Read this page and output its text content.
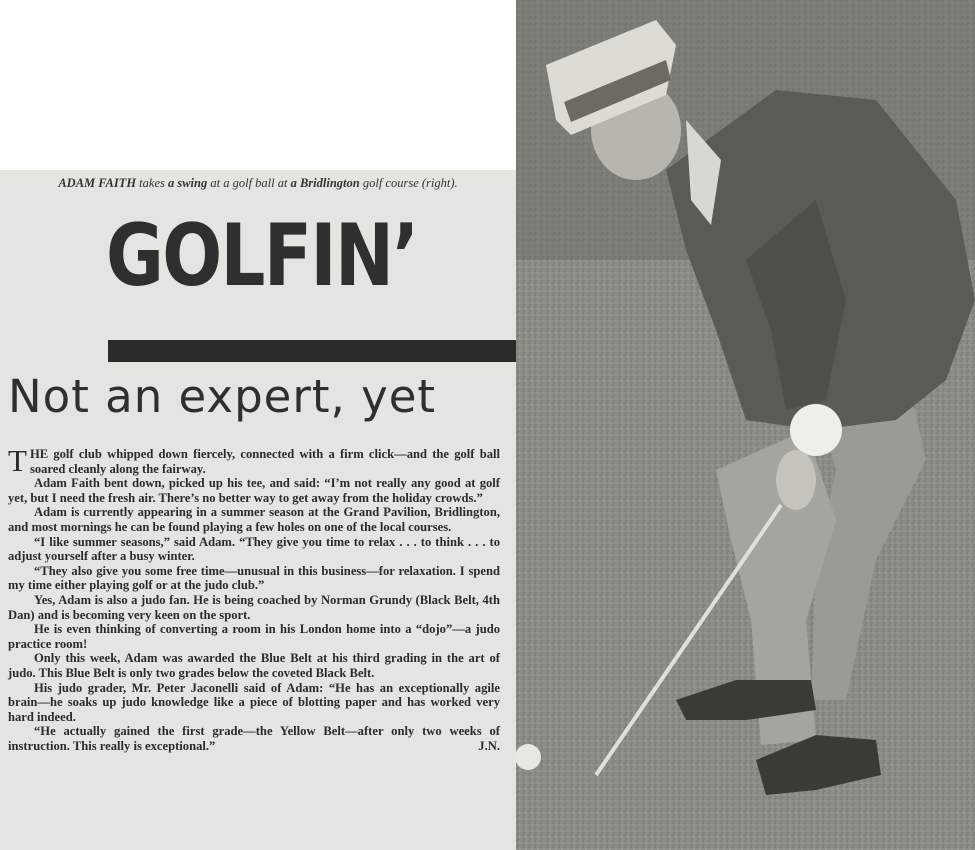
ADAM FAITH takes a swing at a golf ball at a Bridlington golf course (right).
GOLFIN’
Not an expert, yet

THE golf club whipped down fiercely, connected with a firm click—and the golf ball soared cleanly along the fairway.

Adam Faith bent down, picked up his tee, and said: “I’m not really any good at golf yet, but I need the fresh air. There’s no better way to get away from the holiday crowds.”

Adam is currently appearing in a summer season at the Grand Pavilion, Bridlington, and most mornings he can be found playing a few holes on one of the local courses.

“I like summer seasons,” said Adam. “They give you time to relax . . . to think . . . to adjust yourself after a busy winter.

“They also give you some free time—unusual in this business—for relaxation. I spend my time either playing golf or at the judo club.”

Yes, Adam is also a judo fan. He is being coached by Norman Grundy (Black Belt, 4th Dan) and is becoming very keen on the sport.

He is even thinking of converting a room in his London home into a “dojo”—a judo practice room!

Only this week, Adam was awarded the Blue Belt at his third grading in the art of judo. This Blue Belt is only two grades below the coveted Black Belt.

His judo grader, Mr. Peter Jaconelli said of Adam: “He has an exceptionally agile brain—he soaks up judo knowledge like a piece of blotting paper and has worked very hard indeed.

“He actually gained the first grade—the Yellow Belt—after only two weeks of instruction. This really is exceptional.”	J.N.
